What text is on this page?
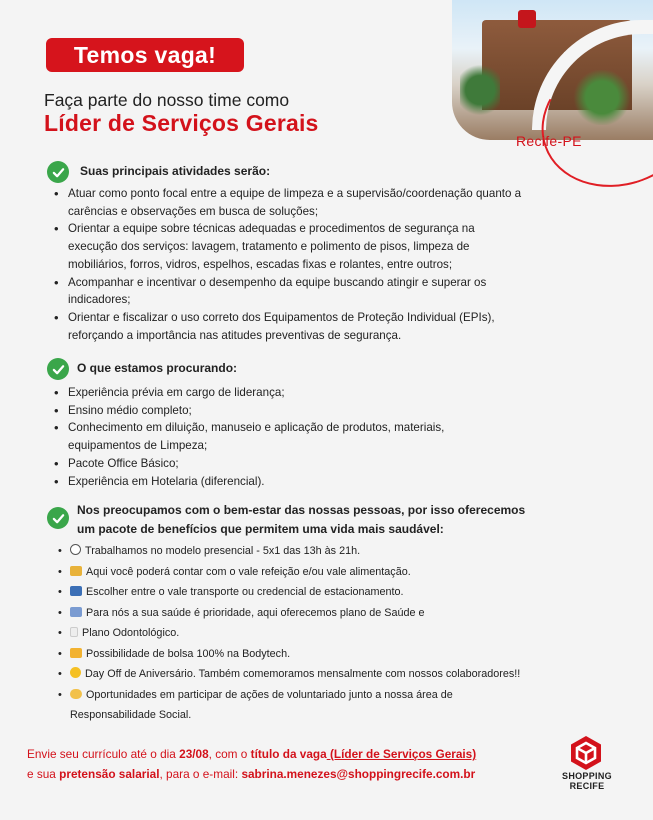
Recife-PE
Temos vaga!
Faça parte do nosso time como
Líder de Serviços Gerais
Suas principais atividades serão:
• Atuar como ponto focal entre a equipe de limpeza e a supervisão/coordenação quanto a
carências e observações em busca de soluções;
• Orientar a equipe sobre técnicas adequadas e procedimentos de segurança na
execução dos serviços: lavagem, tratamento e polimento de pisos, limpeza de
mobiliários, forros, vidros, espelhos, escadas fixas e rolantes, entre outros;
• Acompanhar e incentivar o desempenho da equipe buscando atingir e superar os
indicadores;
• Orientar e fiscalizar o uso correto dos Equipamentos de Proteção Individual (EPIs),
reforçando a importância nas atitudes preventivas de segurança.
O que estamos procurando:
• Experiência prévia em cargo de liderança;
• Ensino médio completo;
• Conhecimento em diluição, manuseio e aplicação de produtos, materiais,
equipamentos de Limpeza;
• Pacote Office Básico;
• Experiência em Hotelaria (diferencial).
Nos preocupamos com o bem-estar das nossas pessoas, por isso oferecemos
um pacote de benefícios que permitem uma vida mais saudável:
• Trabalhamos no modelo presencial - 5x1 das 13h às 21h.
• Aqui você poderá contar com o vale refeição e/ou vale alimentação.
• Escolher entre o vale transporte ou credencial de estacionamento.
• Para nós a sua saúde é prioridade, aqui oferecemos plano de Saúde e
• Plano Odontológico.
• Possibilidade de bolsa 100% na Bodytech.
• Day Off de Aniversário. Também comemoramos mensalmente com nossos colaboradores!!
• Oportunidades em participar de ações de voluntariado junto a nossa área de
Responsabilidade Social.
Envie seu currículo até o dia 23/08, com o título da vaga (Líder de Serviços Gerais)
e sua pretensão salarial, para o e-mail: sabrina.menezes@shoppingrecife.com.br	SHOPPING
RECIFE
